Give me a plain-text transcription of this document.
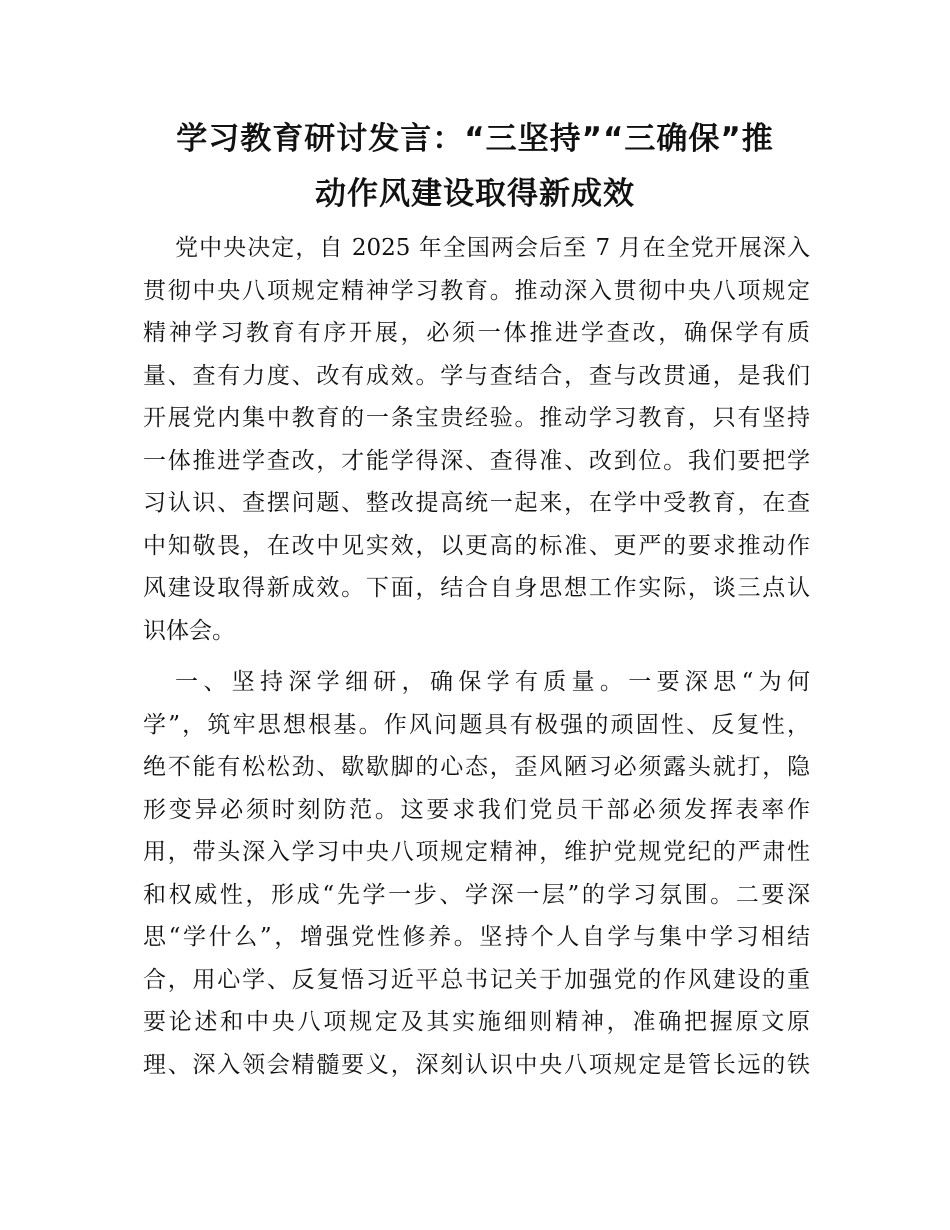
学习教育研讨发言：“三坚持”“三确保”推
动作风建设取得新成效
党中央决定，自 2025 年全国两会后至 7 月在全党开展深入
贯彻中央八项规定精神学习教育。推动深入贯彻中央八项规定
精神学习教育有序开展，必须一体推进学查改，确保学有质
量、查有力度、改有成效。学与查结合，查与改贯通，是我们
开展党内集中教育的一条宝贵经验。推动学习教育，只有坚持
一体推进学查改，才能学得深、查得准、改到位。我们要把学
习认识、查摆问题、整改提高统一起来，在学中受教育，在查
中知敬畏，在改中见实效，以更高的标准、更严的要求推动作
风建设取得新成效。下面，结合自身思想工作实际，谈三点认
识体会。
一、坚持深学细研，确保学有质量。一要深思“为何
学”，筑牢思想根基。作风问题具有极强的顽固性、反复性，
绝不能有松松劲、歇歇脚的心态，歪风陋习必须露头就打，隐
形变异必须时刻防范。这要求我们党员干部必须发挥表率作
用，带头深入学习中央八项规定精神，维护党规党纪的严肃性
和权威性，形成“先学一步、学深一层”的学习氛围。二要深
思“学什么”，增强党性修养。坚持个人自学与集中学习相结
合，用心学、反复悟习近平总书记关于加强党的作风建设的重
要论述和中央八项规定及其实施细则精神，准确把握原文原
理、深入领会精髓要义，深刻认识中央八项规定是管长远的铁
